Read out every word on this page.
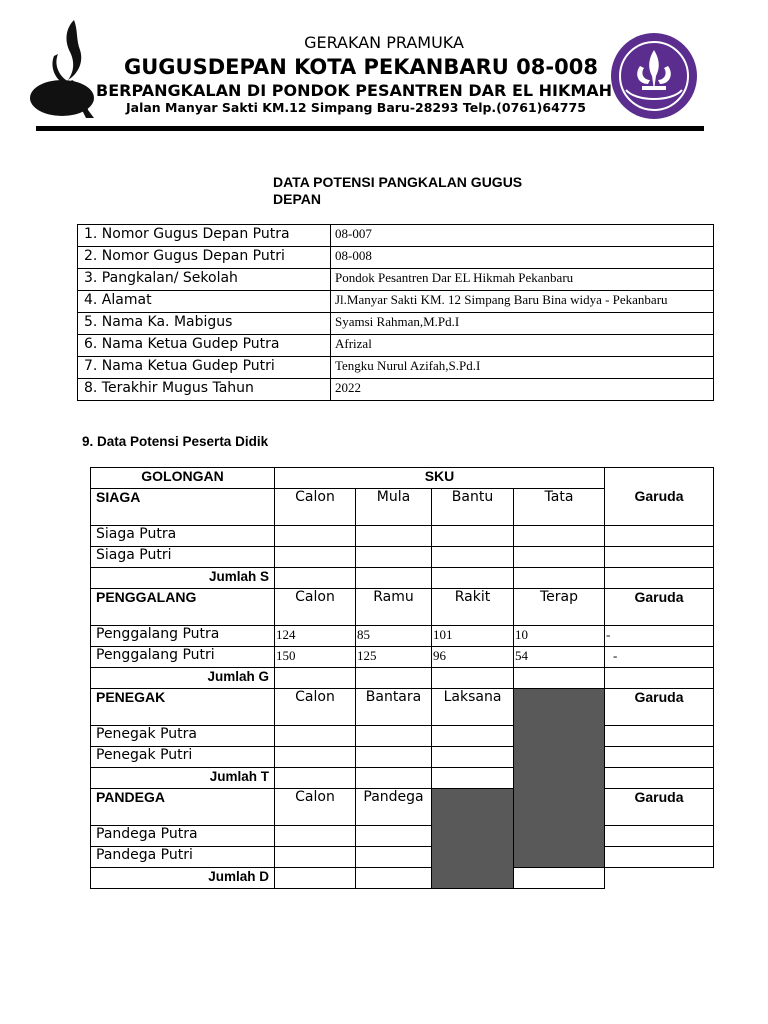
GERAKAN PRAMUKA
GUGUSDEPAN KOTA PEKANBARU 08-008
BERPANGKALAN DI PONDOK PESANTREN DAR EL HIKMAH
Jalan Manyar Sakti KM.12 Simpang Baru-28293 Telp.(0761)64775
DATA POTENSI PANGKALAN GUGUS DEPAN
1. Nomor Gugus Depan Putra	08-007
2. Nomor Gugus Depan Putri	08-008
3. Pangkalan/ Sekolah	Pondok Pesantren Dar EL Hikmah Pekanbaru
4. Alamat	Jl.Manyar Sakti KM. 12 Simpang Baru Bina widya - Pekanbaru
5. Nama Ka. Mabigus	Syamsi Rahman,M.Pd.I
6. Nama Ketua Gudep Putra	Afrizal
7. Nama Ketua Gudep Putri	Tengku Nurul Azifah,S.Pd.I
8. Terakhir Mugus Tahun	2022
9. Data Potensi Peserta Didik
GOLONGAN	SKU				Garuda
SIAGA	Calon	Mula	Bantu	Tata	
Siaga Putra					
Siaga Putri					
Jumlah S					
PENGGALANG	Calon	Ramu	Rakit	Terap	Garuda
Penggalang Putra	124	85	101	10	-
Penggalang Putri	150	125	96	54	-
Jumlah G					
PENEGAK	Calon	Bantara	Laksana		Garuda
Penegak Putra					
Penegak Putri					
Jumlah T					
PANDEGA	Calon	Pandega			Garuda
Pandega Putra					
Pandega Putri					
Jumlah D					
